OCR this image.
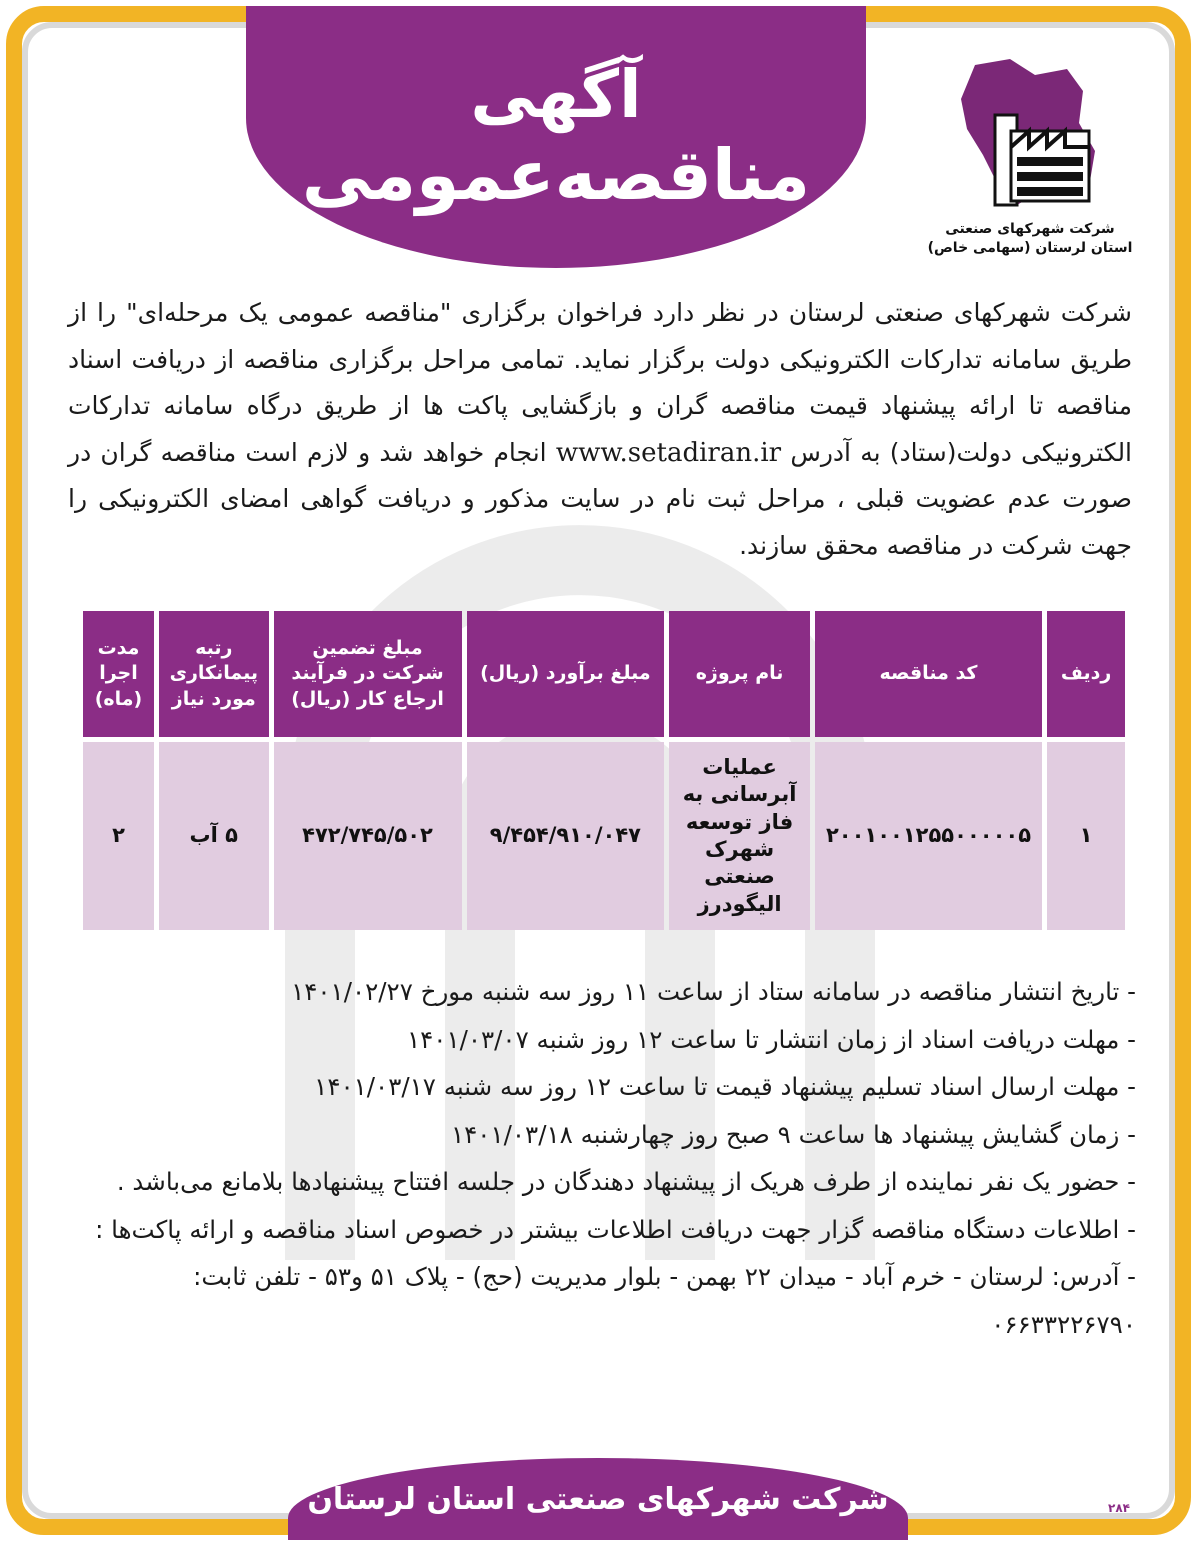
آگهی
مناقصه‌عمومی
شرکت شهرکهای صنعتی
استان لرستان (سهامی خاص)

شرکت شهرکهای صنعتی لرستان در نظر دارد فراخوان برگزاری "مناقصه عمومی یک مرحله‌ای" را از طریق سامانه تدارکات الکترونیکی دولت برگزار نماید. تمامی مراحل برگزاری مناقصه از دریافت اسناد مناقصه تا ارائه پیشنهاد قیمت مناقصه گران و بازگشایی پاکت ها از طریق درگاه سامانه تدارکات الکترونیکی دولت(ستاد) به آدرس www.setadiran.ir انجام خواهد شد و لازم است مناقصه گران در صورت عدم عضویت قبلی ، مراحل ثبت نام در سایت مذکور و دریافت گواهی امضای الکترونیکی را جهت شرکت در مناقصه محقق سازند.

ردیف	کد مناقصه	نام پروژه	مبلغ برآورد (ریال)	مبلغ تضمین شرکت در فرآیند ارجاع کار (ریال)	رتبه پیمانکاری مورد نیاز	مدت اجرا (ماه)
۱	۲۰۰۱۰۰۱۲۵۵۰۰۰۰۰۵	عملیات آبرسانی به فاز توسعه شهرک صنعتی الیگودرز	۹/۴۵۴/۹۱۰/۰۴۷	۴۷۲/۷۴۵/۵۰۲	۵ آب	۲
- تاریخ انتشار مناقصه در سامانه ستاد از ساعت ۱۱ روز سه شنبه مورخ ۱۴۰۱/۰۲/۲۷
- مهلت دریافت اسناد از زمان انتشار تا ساعت ۱۲ روز شنبه ۱۴۰۱/۰۳/۰۷
- مهلت ارسال اسناد تسلیم پیشنهاد قیمت تا ساعت ۱۲ روز سه شنبه ۱۴۰۱/۰۳/۱۷
- زمان گشایش پیشنهاد ها ساعت ۹ صبح روز چهارشنبه ۱۴۰۱/۰۳/۱۸
- حضور یک نفر نماینده از طرف هریک از پیشنهاد دهندگان در جلسه افتتاح پیشنهادها بلامانع می‌باشد .
- اطلاعات دستگاه مناقصه گزار جهت دریافت اطلاعات بیشتر در خصوص اسناد مناقصه و ارائه پاکت‌ها :
- آدرس: لرستان - خرم آباد - میدان ۲۲ بهمن - بلوار مدیریت (حج) - پلاک ۵۱ و۵۳ - تلفن ثابت: ۰۶۶۳۳۲۲۶۷۹۰
شرکت شهرکهای صنعتی استان لرستان	۲۸۴
